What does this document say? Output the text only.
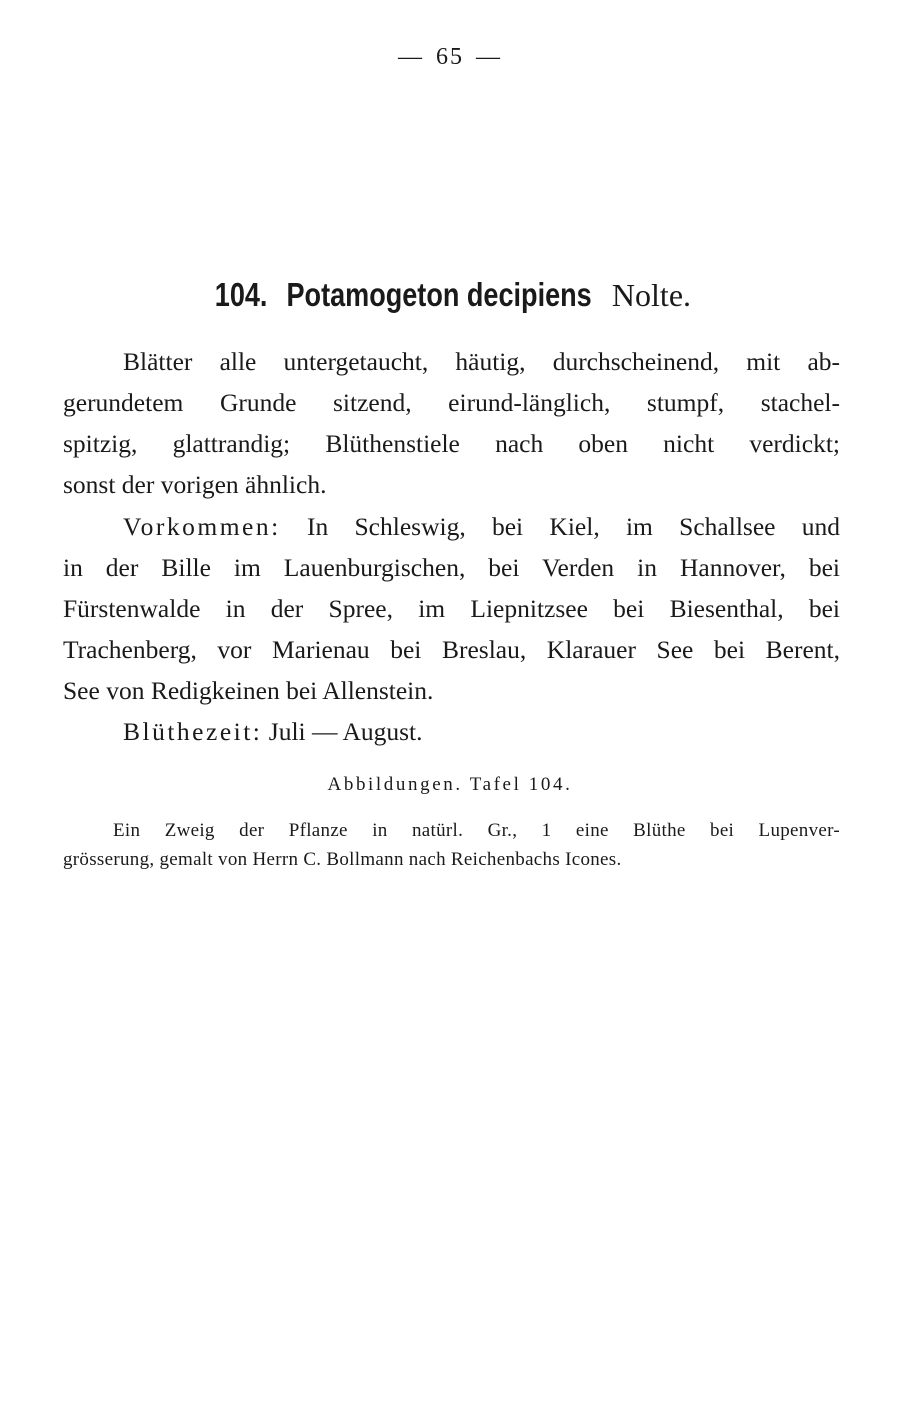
— 65 —
104. Potamogeton decipiens Nolte.
Blätter alle untergetaucht, häutig, durchscheinend, mit ab-
gerundetem Grunde sitzend, eirund-länglich, stumpf, stachel-
spitzig, glattrandig; Blüthenstiele nach oben nicht verdickt;
sonst der vorigen ähnlich.
Vorkommen: In Schleswig, bei Kiel, im Schallsee und
in der Bille im Lauenburgischen, bei Verden in Hannover, bei
Fürstenwalde in der Spree, im Liepnitzsee bei Biesenthal, bei
Trachenberg, vor Marienau bei Breslau, Klarauer See bei Berent,
See von Redigkeinen bei Allenstein.
Blüthezeit: Juli — August.
Abbildungen. Tafel 104.
Ein Zweig der Pflanze in natürl. Gr., 1 eine Blüthe bei Lupenver-
grösserung, gemalt von Herrn C. Bollmann nach Reichenbachs Icones.
